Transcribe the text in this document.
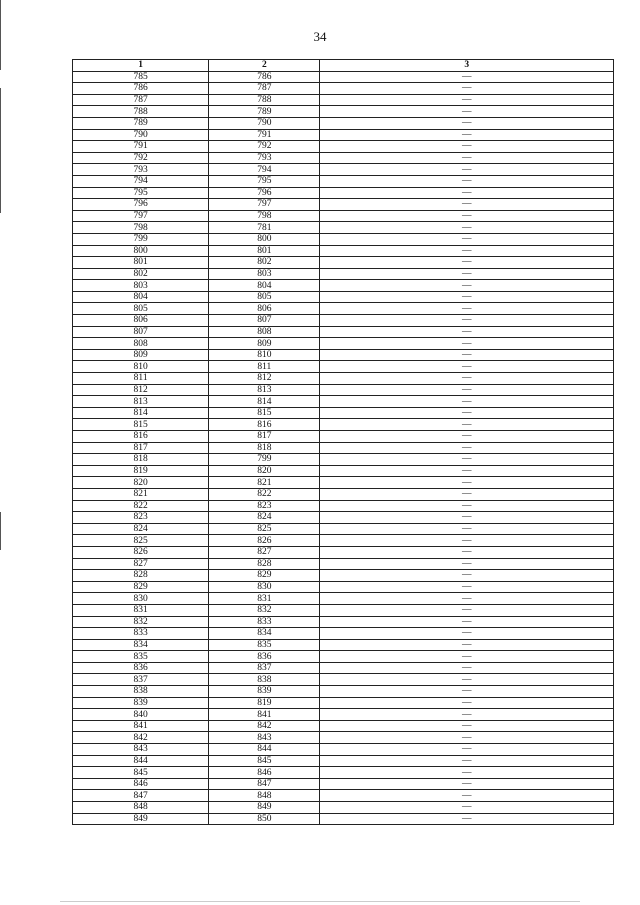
34
1	2	3
785	786	—
786	787	—
787	788	—
788	789	—
789	790	—
790	791	—
791	792	—
792	793	—
793	794	—
794	795	—
795	796	—
796	797	—
797	798	—
798	781	—
799	800	—
800	801	—
801	802	—
802	803	—
803	804	—
804	805	—
805	806	—
806	807	—
807	808	—
808	809	—
809	810	—
810	811	—
811	812	—
812	813	—
813	814	—
814	815	—
815	816	—
816	817	—
817	818	—
818	799	—
819	820	—
820	821	—
821	822	—
822	823	—
823	824	—
824	825	—
825	826	—
826	827	—
827	828	—
828	829	—
829	830	—
830	831	—
831	832	—
832	833	—
833	834	—
834	835	—
835	836	—
836	837	—
837	838	—
838	839	—
839	819	—
840	841	—
841	842	—
842	843	—
843	844	—
844	845	—
845	846	—
846	847	—
847	848	—
848	849	—
849	850	—
